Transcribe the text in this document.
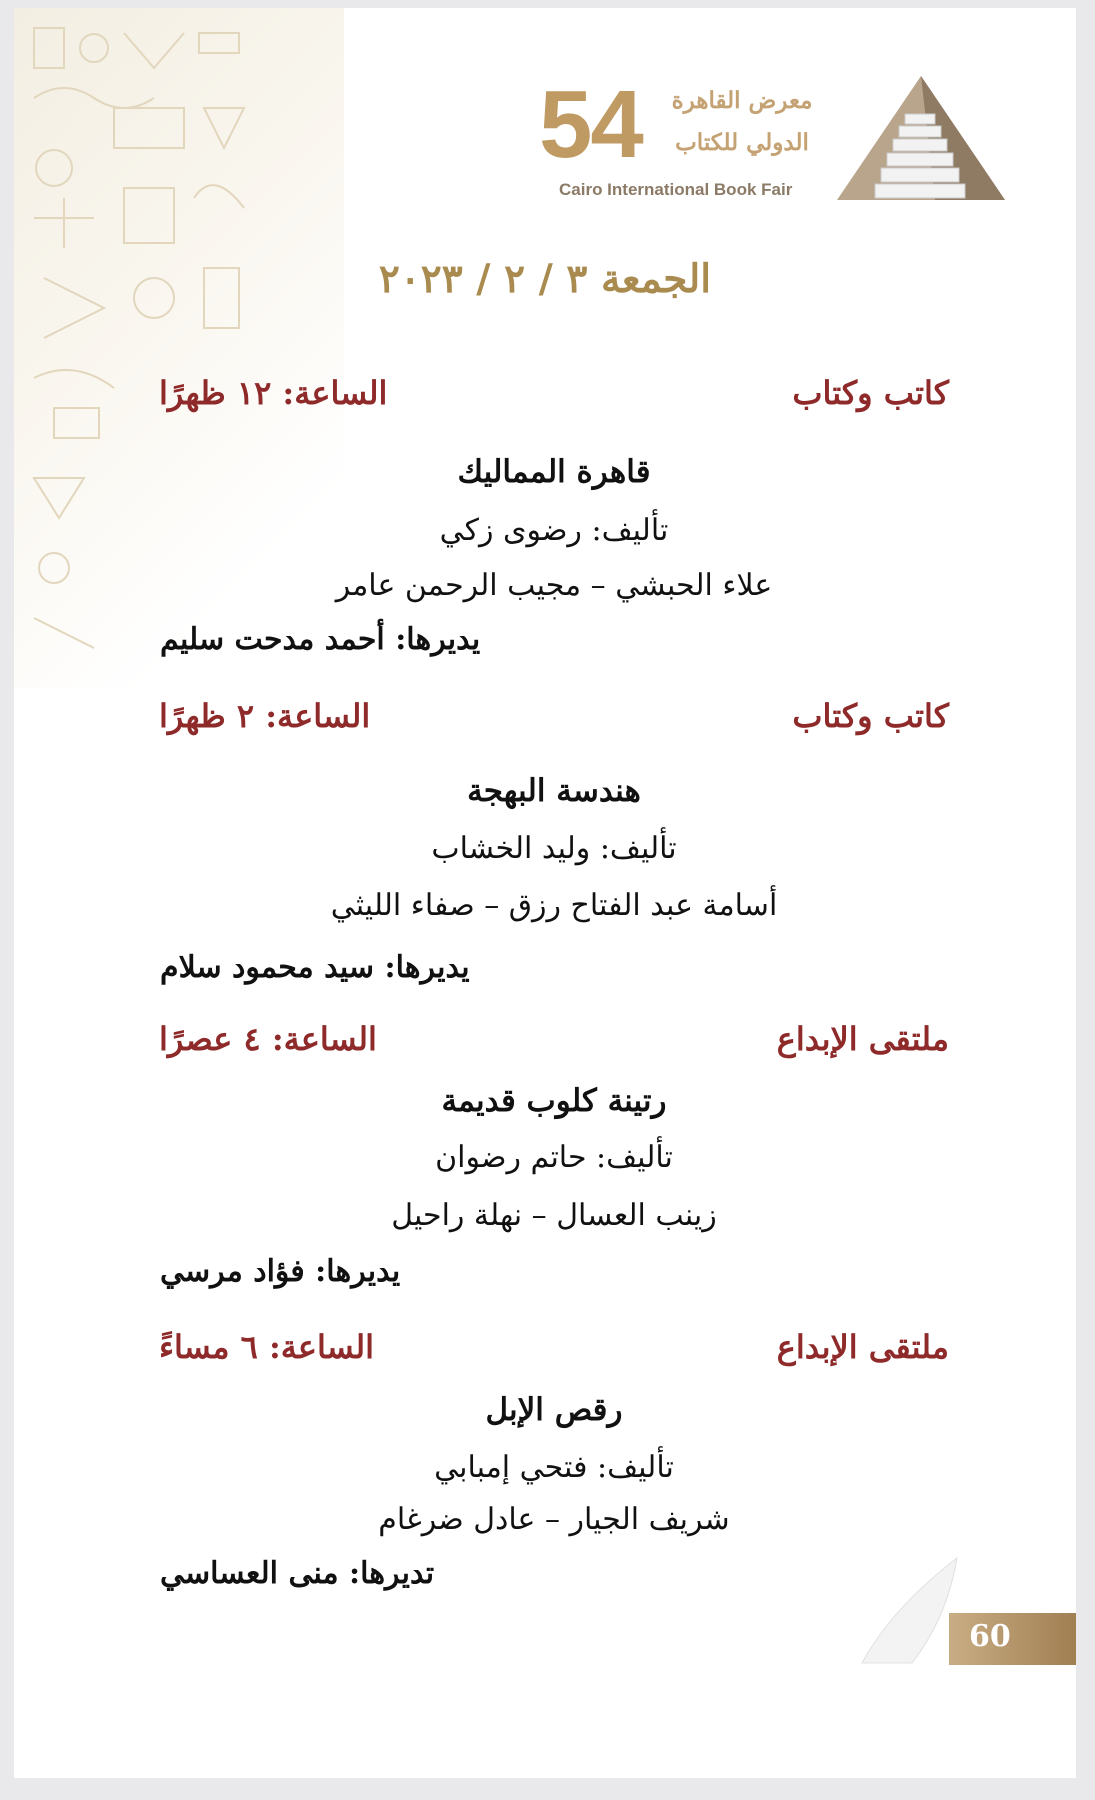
54 معرض القاهرة
الدولي للكتاب
Cairo International Book Fair
الجمعة ٣ / ٢ / ٢٠٢٣
كاتب وكتاب
الساعة: ١٢ ظهرًا
قاهرة المماليك
تأليف: رضوى زكي
علاء الحبشي – مجيب الرحمن عامر
يديرها: أحمد مدحت سليم
كاتب وكتاب
الساعة: ٢ ظهرًا
هندسة البهجة
تأليف: وليد الخشاب
أسامة عبد الفتاح رزق – صفاء الليثي
يديرها: سيد محمود سلام
ملتقى الإبداع
الساعة: ٤ عصرًا
رتينة كلوب قديمة
تأليف: حاتم رضوان
زينب العسال – نهلة راحيل
يديرها: فؤاد مرسي
ملتقى الإبداع
الساعة: ٦ مساءً
رقص الإبل
تأليف: فتحي إمبابي
شريف الجيار – عادل ضرغام
تديرها: منى العساسي
60
